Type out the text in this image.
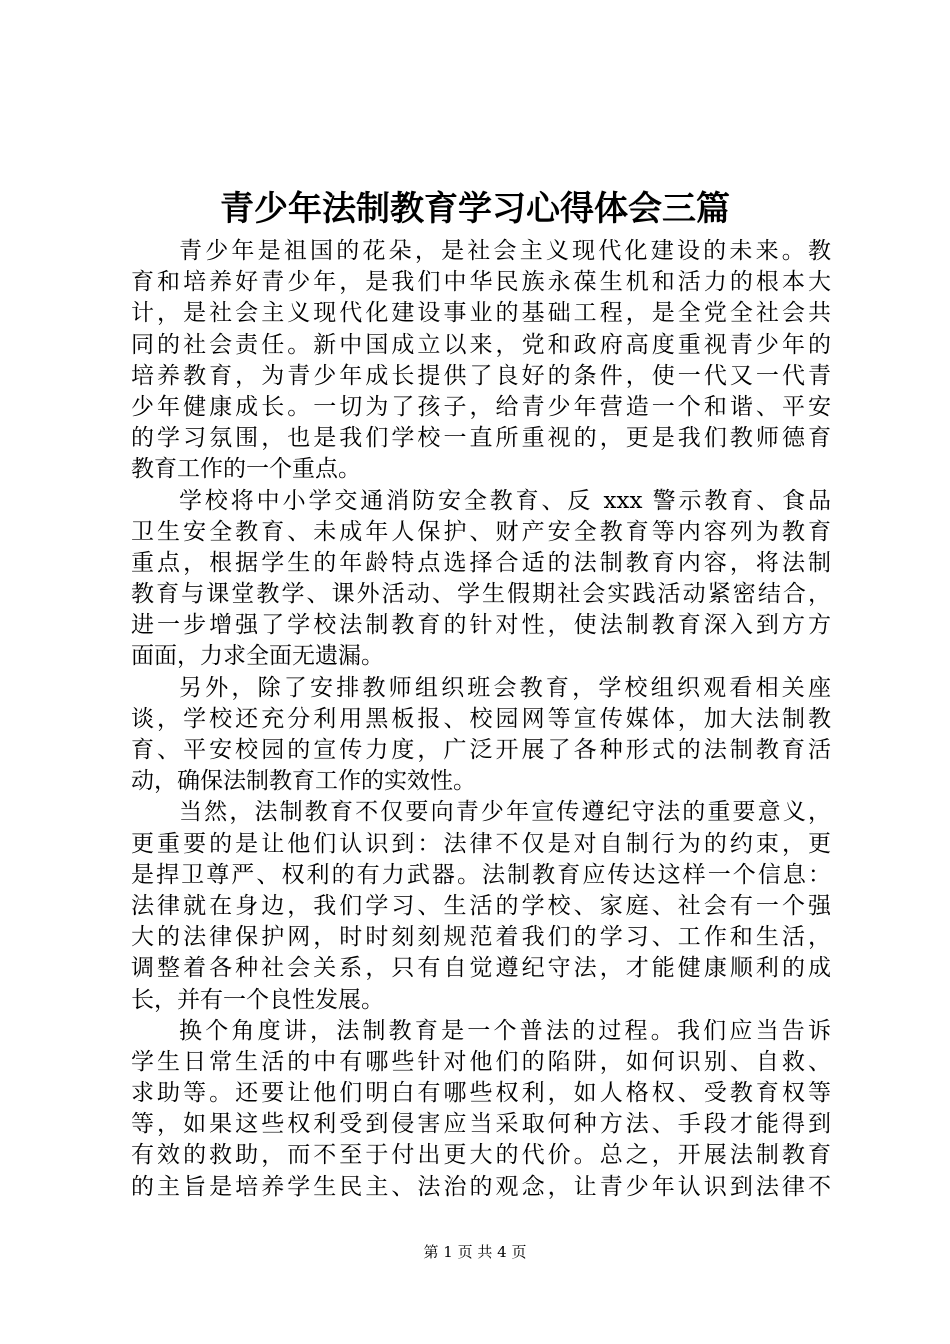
青少年法制教育学习心得体会三篇
青少年是祖国的花朵，是社会主义现代化建设的未来。教
育和培养好青少年，是我们中华民族永葆生机和活力的根本大
计，是社会主义现代化建设事业的基础工程，是全党全社会共
同的社会责任。新中国成立以来，党和政府高度重视青少年的
培养教育，为青少年成长提供了良好的条件，使一代又一代青
少年健康成长。一切为了孩子，给青少年营造一个和谐、平安
的学习氛围，也是我们学校一直所重视的，更是我们教师德育
教育工作的一个重点。
学校将中小学交通消防安全教育、反 xxx 警示教育、食品
卫生安全教育、未成年人保护、财产安全教育等内容列为教育
重点，根据学生的年龄特点选择合适的法制教育内容，将法制
教育与课堂教学、课外活动、学生假期社会实践活动紧密结合，
进一步增强了学校法制教育的针对性，使法制教育深入到方方
面面，力求全面无遗漏。
另外，除了安排教师组织班会教育，学校组织观看相关座
谈，学校还充分利用黑板报、校园网等宣传媒体，加大法制教
育、平安校园的宣传力度，广泛开展了各种形式的法制教育活
动，确保法制教育工作的实效性。
当然，法制教育不仅要向青少年宣传遵纪守法的重要意义，
更重要的是让他们认识到：法律不仅是对自制行为的约束，更
是捍卫尊严、权利的有力武器。法制教育应传达这样一个信息：
法律就在身边，我们学习、生活的学校、家庭、社会有一个强
大的法律保护网，时时刻刻规范着我们的学习、工作和生活，
调整着各种社会关系，只有自觉遵纪守法，才能健康顺利的成
长，并有一个良性发展。
换个角度讲，法制教育是一个普法的过程。我们应当告诉
学生日常生活的中有哪些针对他们的陷阱，如何识别、自救、
求助等。还要让他们明白有哪些权利，如人格权、受教育权等
等，如果这些权利受到侵害应当采取何种方法、手段才能得到
有效的救助，而不至于付出更大的代价。总之，开展法制教育
的主旨是培养学生民主、法治的观念，让青少年认识到法律不
第 1 页 共 4 页
